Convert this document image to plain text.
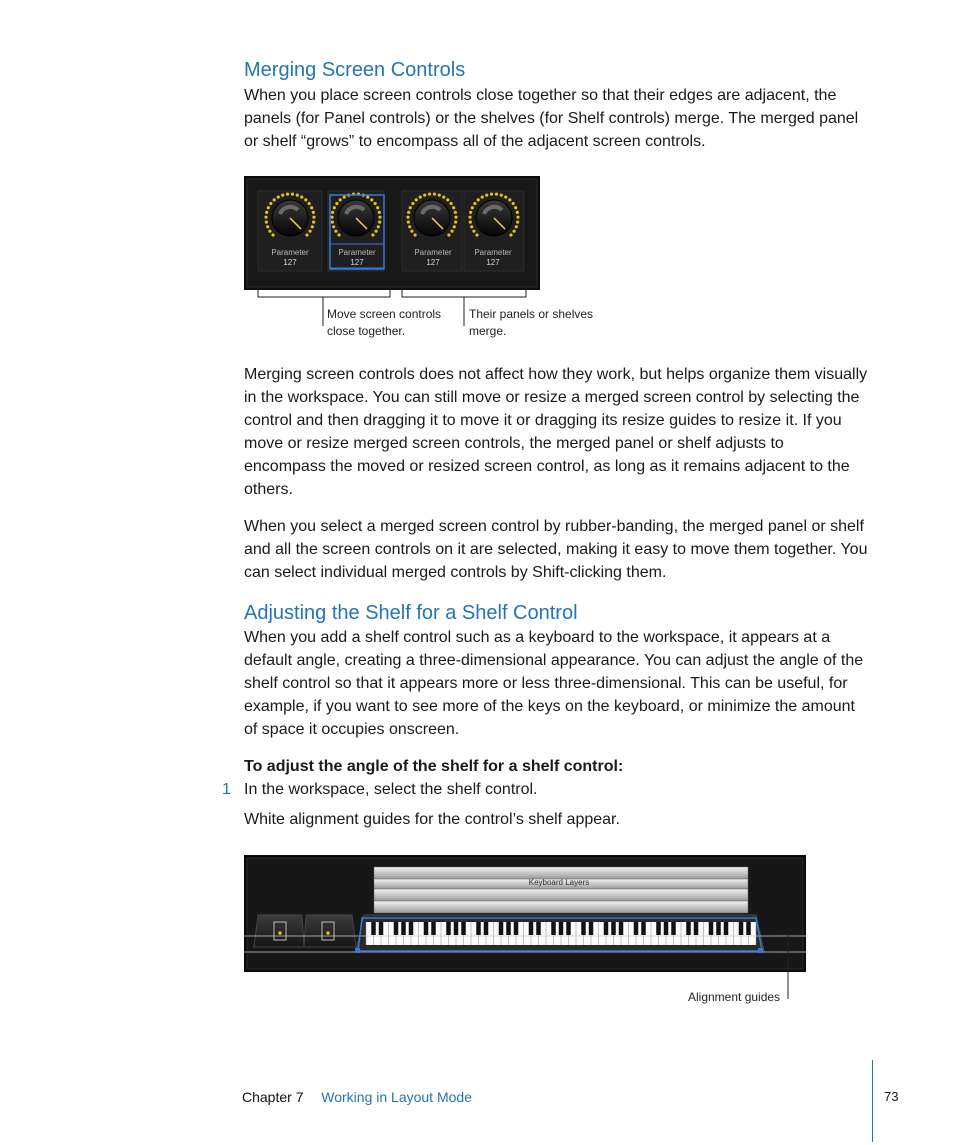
Merging Screen Controls

When you place screen controls close together so that their edges are adjacent, the panels (for Panel controls) or the shelves (for Shelf controls) merge. The merged panel or shelf “grows” to encompass all of the adjacent screen controls.

Parameter
127
Parameter
127
Parameter
127
Parameter
127
Move screen controls close together.
Their panels or shelves merge.

Merging screen controls does not affect how they work, but helps organize them visually in the workspace. You can still move or resize a merged screen control by selecting the control and then dragging it to move it or dragging its resize guides to resize it. If you move or resize merged screen controls, the merged panel or shelf adjusts to encompass the moved or resized screen control, as long as it remains adjacent to the others.

When you select a merged screen control by rubber-banding, the merged panel or shelf and all the screen controls on it are selected, making it easy to move them together. You can select individual merged controls by Shift-clicking them.

Adjusting the Shelf for a Shelf Control

When you add a shelf control such as a keyboard to the workspace, it appears at a default angle, creating a three-dimensional appearance. You can adjust the angle of the shelf control so that it appears more or less three-dimensional. This can be useful, for example, if you want to see more of the keys on the keyboard, or minimize the amount of space it occupies onscreen.

To adjust the angle of the shelf for a shelf control:

1 In the workspace, select the shelf control.

White alignment guides for the control’s shelf appear.

Keyboard Layers
Alignment guides
Chapter 7 Working in Layout Mode	73
